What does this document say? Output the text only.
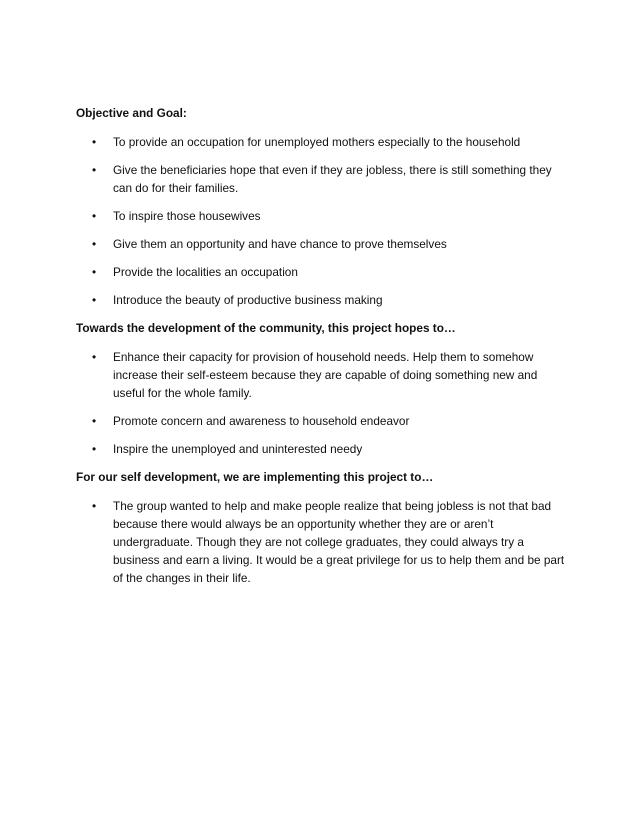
Objective and Goal:
• To provide an occupation for unemployed mothers especially to the household
• Give the beneficiaries hope that even if they are jobless, there is still something they can do for their families.
• To inspire those housewives
• Give them an opportunity and have chance to prove themselves
• Provide the localities an occupation
• Introduce the beauty of productive business making
Towards the development of the community, this project hopes to…
• Enhance their capacity for provision of household needs. Help them to somehow increase their self-esteem because they are capable of doing something new and useful for the whole family.
• Promote concern and awareness to household endeavor
• Inspire the unemployed and uninterested needy
For our self development, we are implementing this project to…
• The group wanted to help and make people realize that being jobless is not that bad because there would always be an opportunity whether they are or aren’t undergraduate. Though they are not college graduates, they could always try a business and earn a living. It would be a great privilege for us to help them and be part of the changes in their life.
